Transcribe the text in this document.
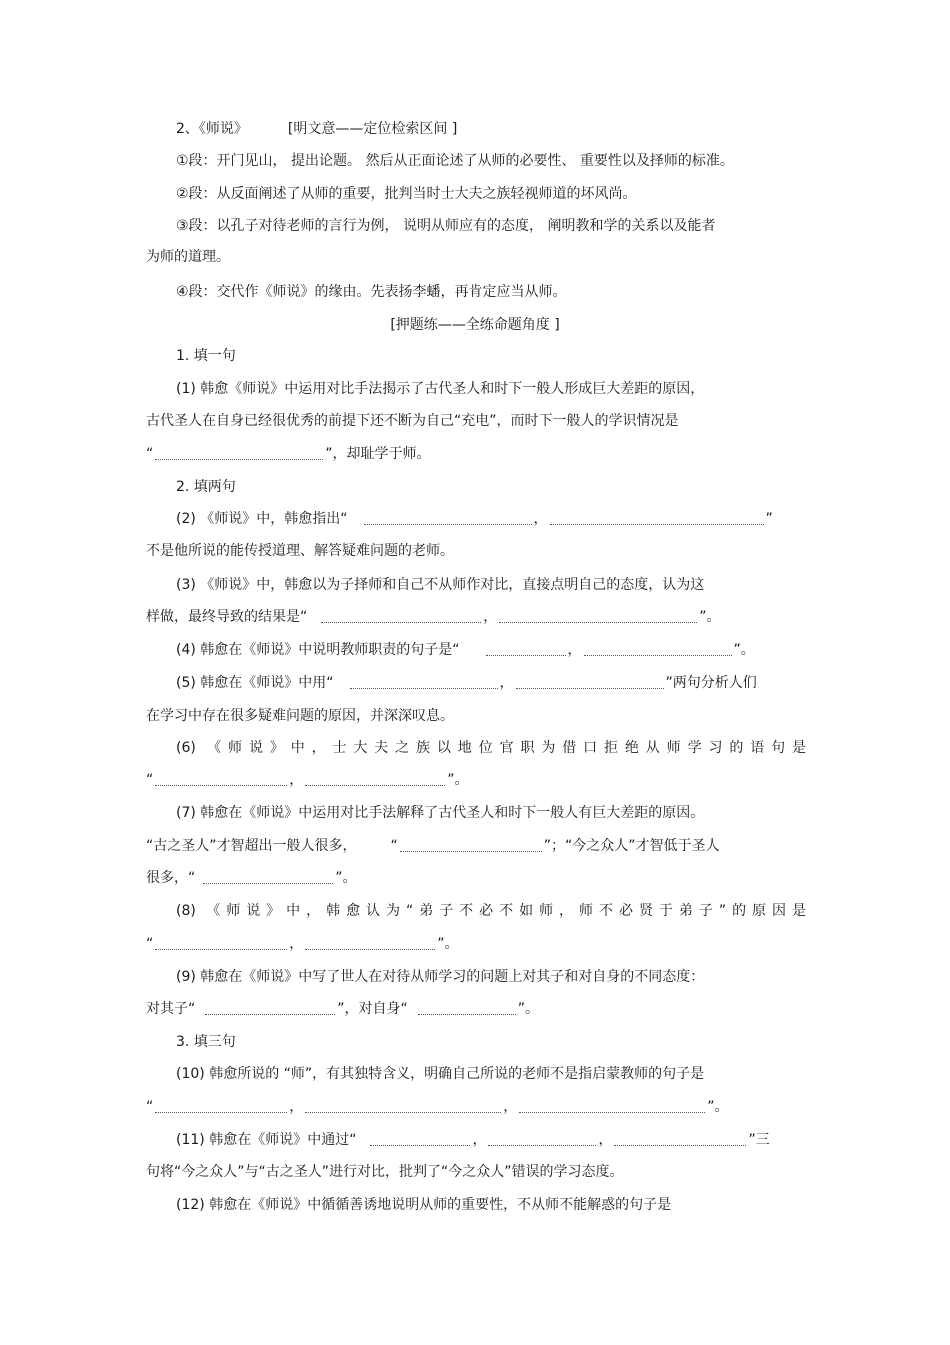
2、《师说》	[明文意——定位检索区间 ]
①段：开门见山， 提出论题。 然后从正面论述了从师的必要性、 重要性以及择师的标准。
②段：从反面阐述了从师的重要，批判当时士大夫之族轻视师道的坏风尚。
③段：以孔子对待老师的言行为例， 说明从师应有的态度， 阐明教和学的关系以及能者
为师的道理。
④段：交代作《师说》的缘由。先表扬李蟠，再肯定应当从师。
[押题练——全练命题角度 ]
1. 填一句
(1) 韩愈《师说》中运用对比手法揭示了古代圣人和时下一般人形成巨大差距的原因，
古代圣人在自身已经很优秀的前提下还不断为自己“充电”，而时下一般人的学识情况是
“	”，却耻学于师。
2. 填两句
(2) 《师说》中，韩愈指出“	，	”
不是他所说的能传授道理、解答疑难问题的老师。
(3) 《师说》中，韩愈以为子择师和自己不从师作对比，直接点明自己的态度，认为这
样做，最终导致的结果是“	，	”。
(4) 韩愈在《师说》中说明教师职责的句子是“	，	”。
(5) 韩愈在《师说》中用“	，	”两句分析人们
在学习中存在很多疑难问题的原因，并深深叹息。
(6) 《师说》中，士大夫之族以地位官职为借口拒绝从师学习的语句是
“	，	”。
(7) 韩愈在《师说》中运用对比手法解释了古代圣人和时下一般人有巨大差距的原因。
“古之圣人”才智超出一般人很多， “	”；“今之众人”才智低于圣人
很多，“	”。
(8) 《师说》中，韩愈认为“弟子不必不如师，师不必贤于弟子”的原因是
“	，	”。
(9) 韩愈在《师说》中写了世人在对待从师学习的问题上对其子和对自身的不同态度：
对其子“	”，对自身“	”。
3. 填三句
(10) 韩愈所说的 “师”，有其独特含义，明确自己所说的老师不是指启蒙教师的句子是
“	，	，	”。
(11) 韩愈在《师说》中通过“	，	，	”三
句将“今之众人”与“古之圣人”进行对比，批判了“今之众人”错误的学习态度。
(12) 韩愈在《师说》中循循善诱地说明从师的重要性，不从师不能解惑的句子是
